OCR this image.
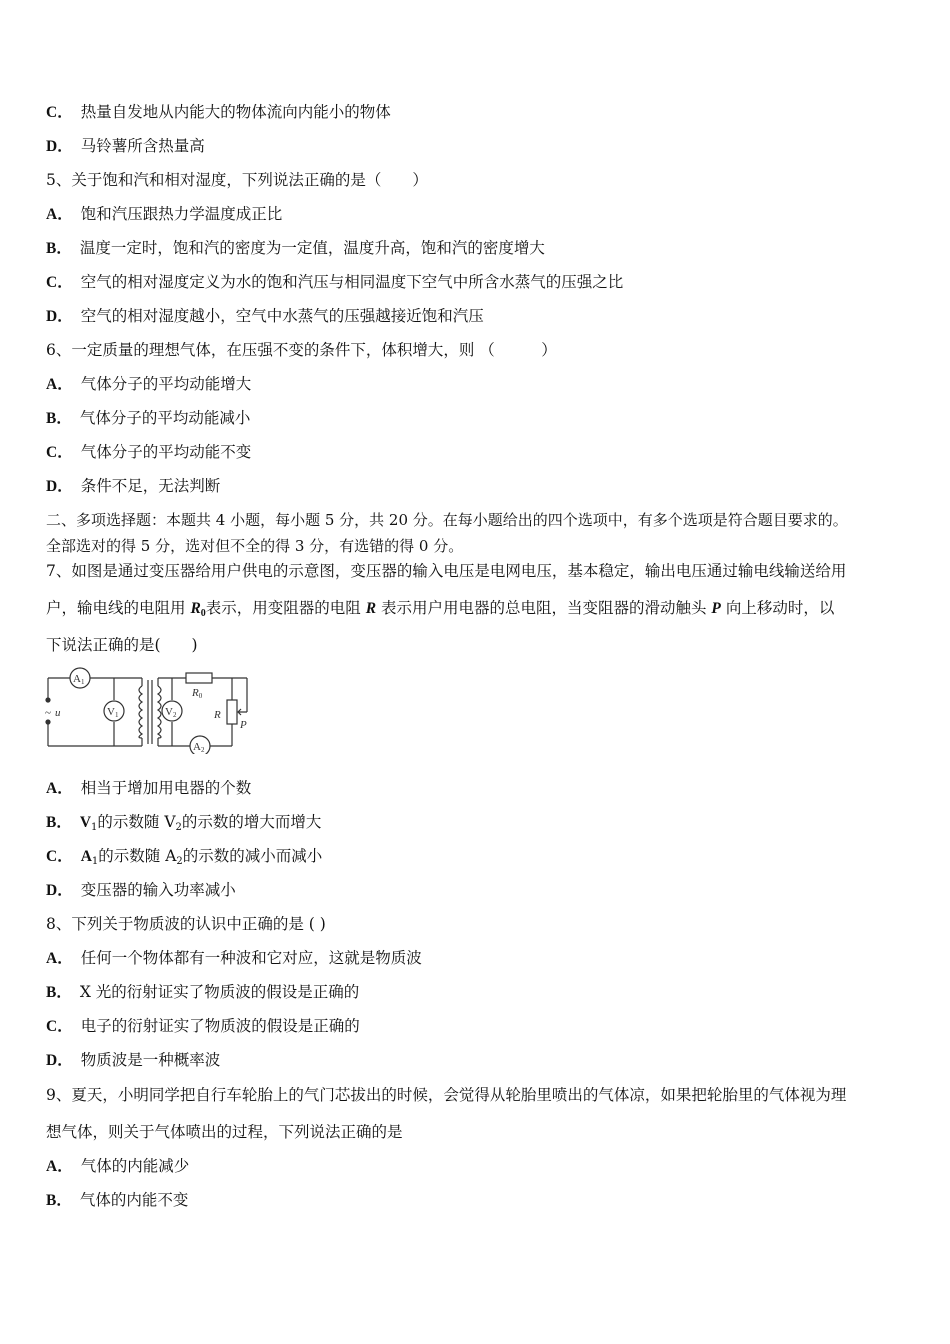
C． 热量自发地从内能大的物体流向内能小的物体
D． 马铃薯所含热量高
5、关于饱和汽和相对湿度，下列说法正确的是（　　）
A． 饱和汽压跟热力学温度成正比
B． 温度一定时，饱和汽的密度为一定值，温度升高，饱和汽的密度增大
C． 空气的相对湿度定义为水的饱和汽压与相同温度下空气中所含水蒸气的压强之比
D． 空气的相对湿度越小，空气中水蒸气的压强越接近饱和汽压
6、一定质量的理想气体，在压强不变的条件下，体积增大，则 （　　　）
A． 气体分子的平均动能增大
B． 气体分子的平均动能减小
C． 气体分子的平均动能不变
D． 条件不足，无法判断
二、多项选择题：本题共 4 小题，每小题 5 分，共 20 分。在每小题给出的四个选项中，有多个选项是符合题目要求的。
全部选对的得 5 分，选对但不全的得 3 分，有选错的得 0 分。
7、如图是通过变压器给用户供电的示意图，变压器的输入电压是电网电压，基本稳定，输出电压通过输电线输送给用
户，输电线的电阻用 $R_0$表示，用变阻器的电阻 R 表示用户用电器的总电阻，当变阻器的滑动触头 P 向上移动时，以
下说法正确的是(　　)
~ u
A1
V1	V2
R0
A2
R
P
A． 相当于增加用电器的个数
B． $V_1$的示数随 $V_2$的示数的增大而增大
C． $A_1$的示数随 $A_2$的示数的减小而减小
D． 变压器的输入功率减小
8、下列关于物质波的认识中正确的是 ( )
A． 任何一个物体都有一种波和它对应，这就是物质波
B． X 光的衍射证实了物质波的假设是正确的
C． 电子的衍射证实了物质波的假设是正确的
D． 物质波是一种概率波
9、夏天，小明同学把自行车轮胎上的气门芯拔出的时候，会觉得从轮胎里喷出的气体凉，如果把轮胎里的气体视为理
想气体，则关于气体喷出的过程，下列说法正确的是
A． 气体的内能减少
B． 气体的内能不变
